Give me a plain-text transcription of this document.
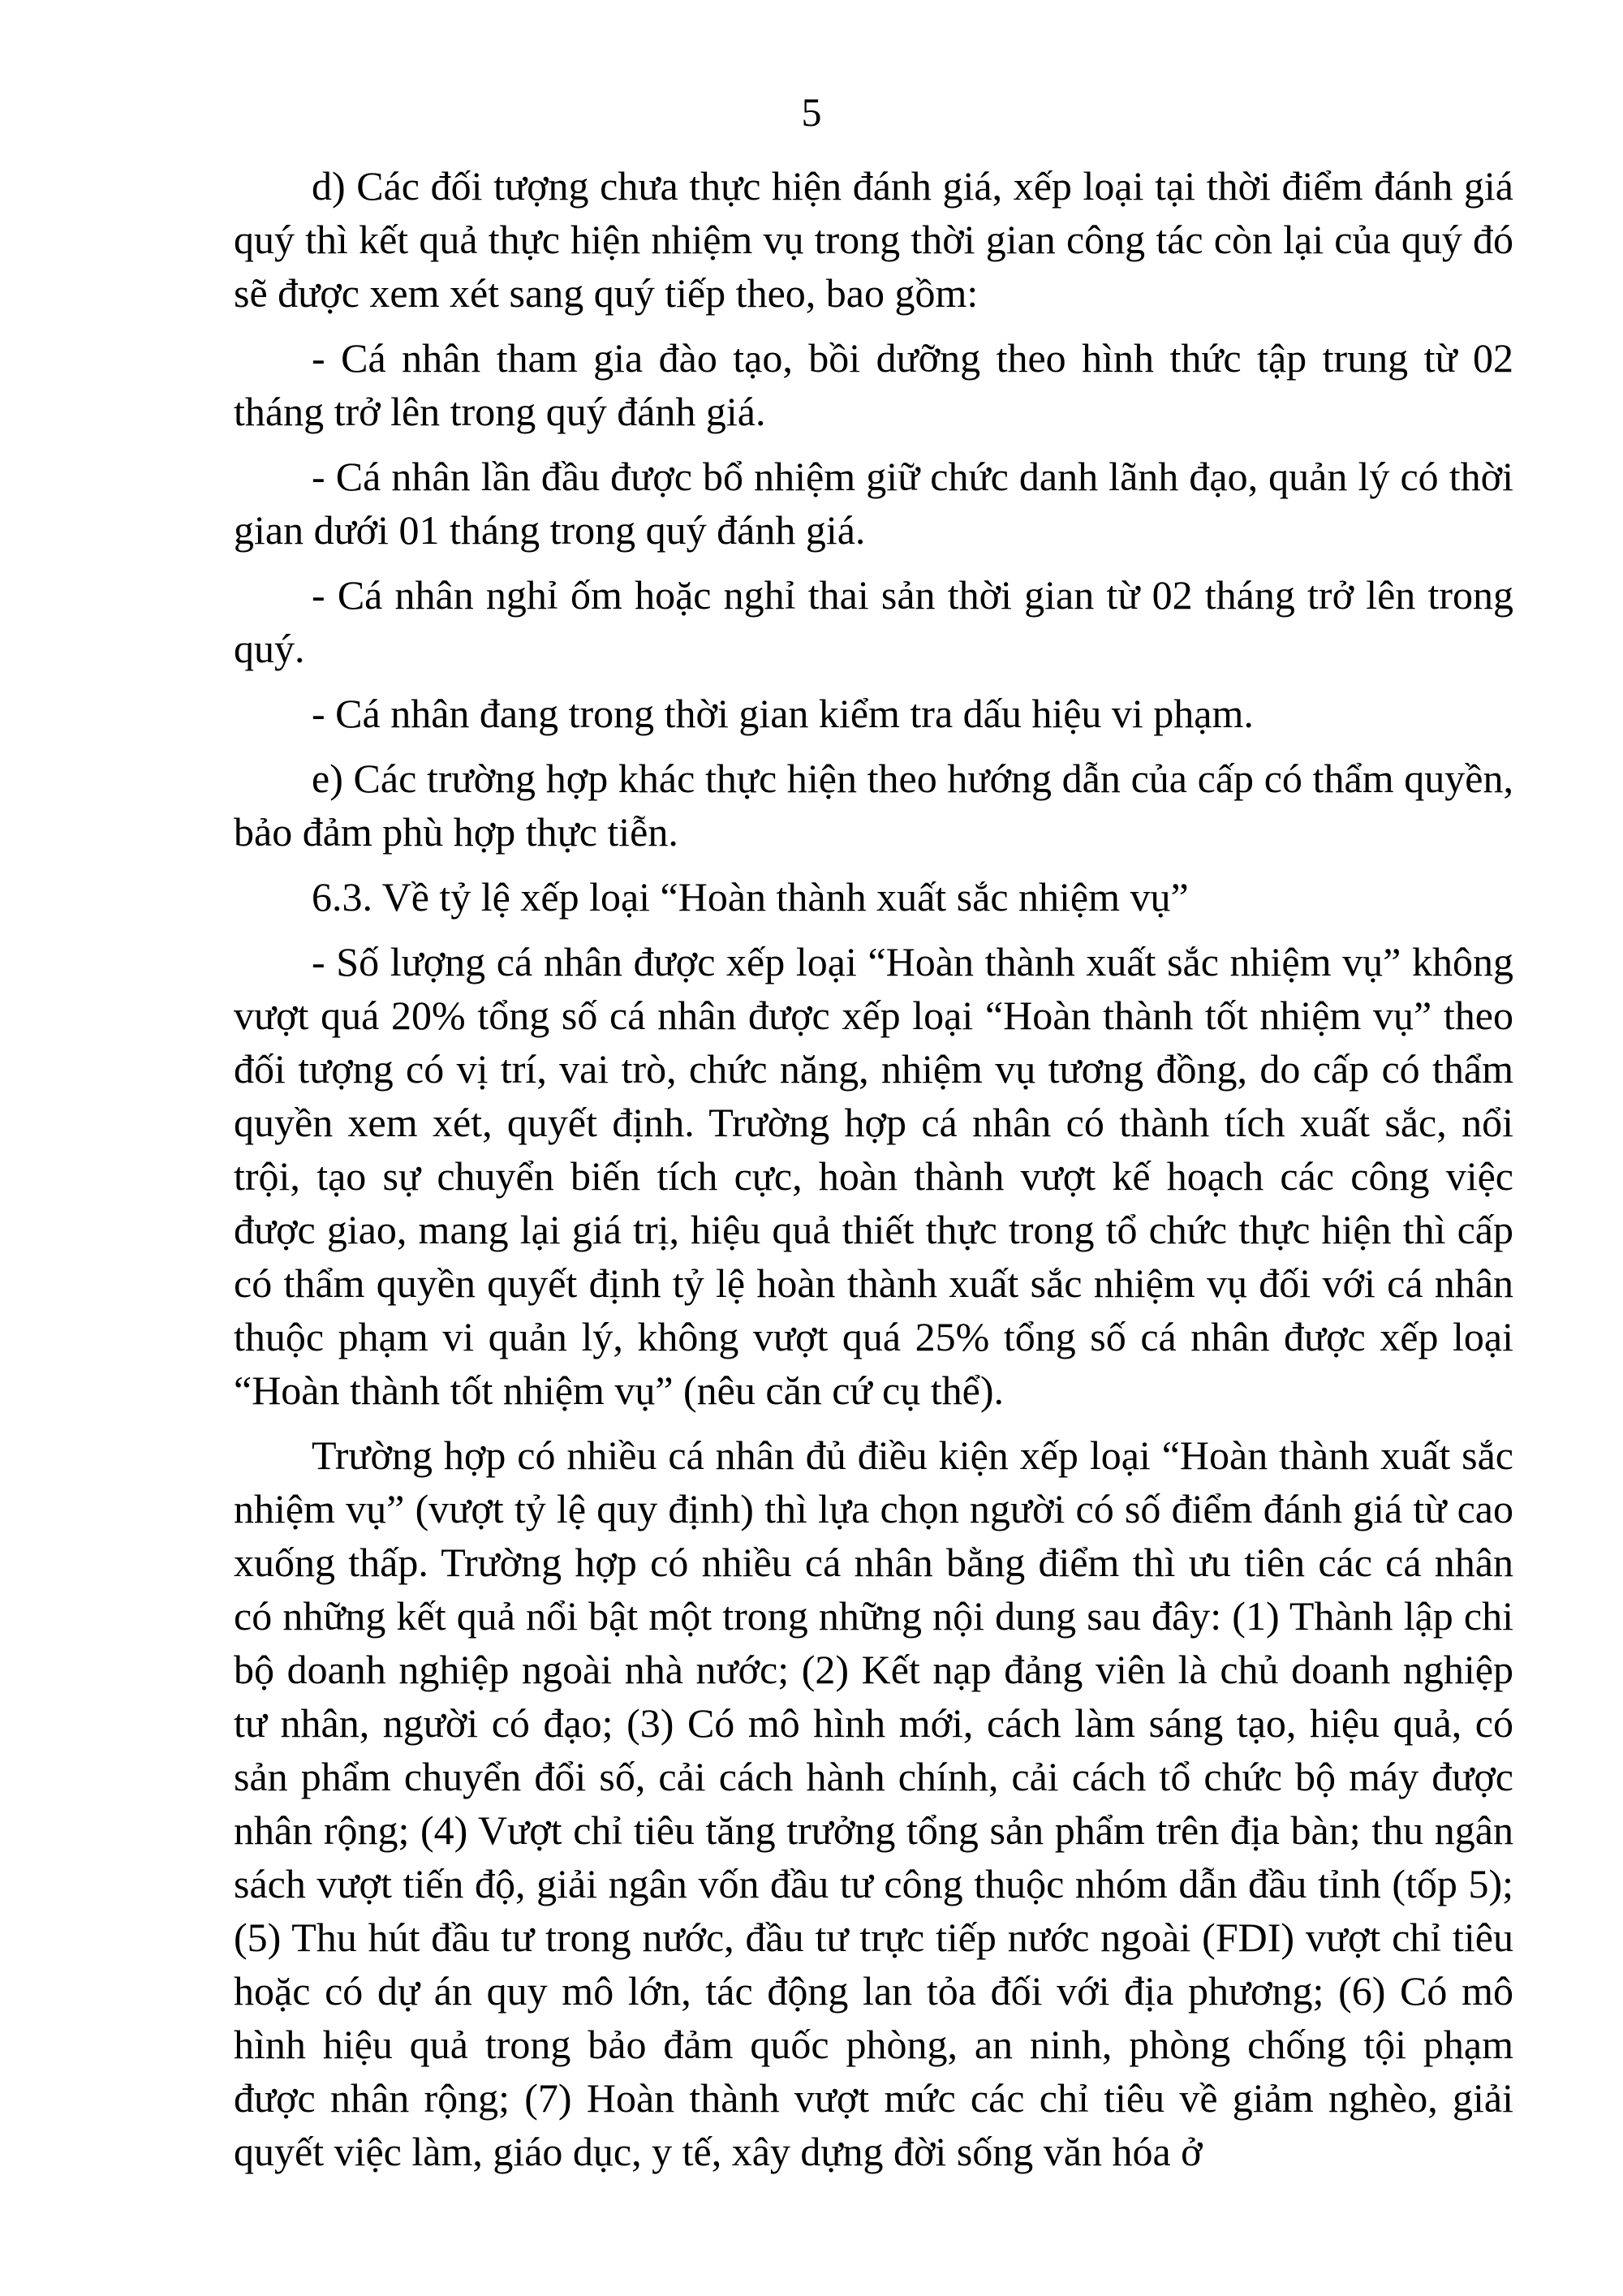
5

d) Các đối tượng chưa thực hiện đánh giá, xếp loại tại thời điểm đánh giá quý thì kết quả thực hiện nhiệm vụ trong thời gian công tác còn lại của quý đó sẽ được xem xét sang quý tiếp theo, bao gồm:

- Cá nhân tham gia đào tạo, bồi dưỡng theo hình thức tập trung từ 02 tháng trở lên trong quý đánh giá.

- Cá nhân lần đầu được bổ nhiệm giữ chức danh lãnh đạo, quản lý có thời gian dưới 01 tháng trong quý đánh giá.

- Cá nhân nghỉ ốm hoặc nghỉ thai sản thời gian từ 02 tháng trở lên trong quý.

- Cá nhân đang trong thời gian kiểm tra dấu hiệu vi phạm.

e) Các trường hợp khác thực hiện theo hướng dẫn của cấp có thẩm quyền, bảo đảm phù hợp thực tiễn.

6.3. Về tỷ lệ xếp loại “Hoàn thành xuất sắc nhiệm vụ”

- Số lượng cá nhân được xếp loại “Hoàn thành xuất sắc nhiệm vụ” không vượt quá 20% tổng số cá nhân được xếp loại “Hoàn thành tốt nhiệm vụ” theo đối tượng có vị trí, vai trò, chức năng, nhiệm vụ tương đồng, do cấp có thẩm quyền xem xét, quyết định. Trường hợp cá nhân có thành tích xuất sắc, nổi trội, tạo sự chuyển biến tích cực, hoàn thành vượt kế hoạch các công việc được giao, mang lại giá trị, hiệu quả thiết thực trong tổ chức thực hiện thì cấp có thẩm quyền quyết định tỷ lệ hoàn thành xuất sắc nhiệm vụ đối với cá nhân thuộc phạm vi quản lý, không vượt quá 25% tổng số cá nhân được xếp loại “Hoàn thành tốt nhiệm vụ” (nêu căn cứ cụ thể).

Trường hợp có nhiều cá nhân đủ điều kiện xếp loại “Hoàn thành xuất sắc nhiệm vụ” (vượt tỷ lệ quy định) thì lựa chọn người có số điểm đánh giá từ cao xuống thấp. Trường hợp có nhiều cá nhân bằng điểm thì ưu tiên các cá nhân có những kết quả nổi bật một trong những nội dung sau đây: (1) Thành lập chi bộ doanh nghiệp ngoài nhà nước; (2) Kết nạp đảng viên là chủ doanh nghiệp tư nhân, người có đạo; (3) Có mô hình mới, cách làm sáng tạo, hiệu quả, có sản phẩm chuyển đổi số, cải cách hành chính, cải cách tổ chức bộ máy được nhân rộng; (4) Vượt chỉ tiêu tăng trưởng tổng sản phẩm trên địa bàn; thu ngân sách vượt tiến độ, giải ngân vốn đầu tư công thuộc nhóm dẫn đầu tỉnh (tốp 5); (5) Thu hút đầu tư trong nước, đầu tư trực tiếp nước ngoài (FDI) vượt chỉ tiêu hoặc có dự án quy mô lớn, tác động lan tỏa đối với địa phương; (6) Có mô hình hiệu quả trong bảo đảm quốc phòng, an ninh, phòng chống tội phạm được nhân rộng; (7) Hoàn thành vượt mức các chỉ tiêu về giảm nghèo, giải quyết việc làm, giáo dục, y tế, xây dựng đời sống văn hóa ở
